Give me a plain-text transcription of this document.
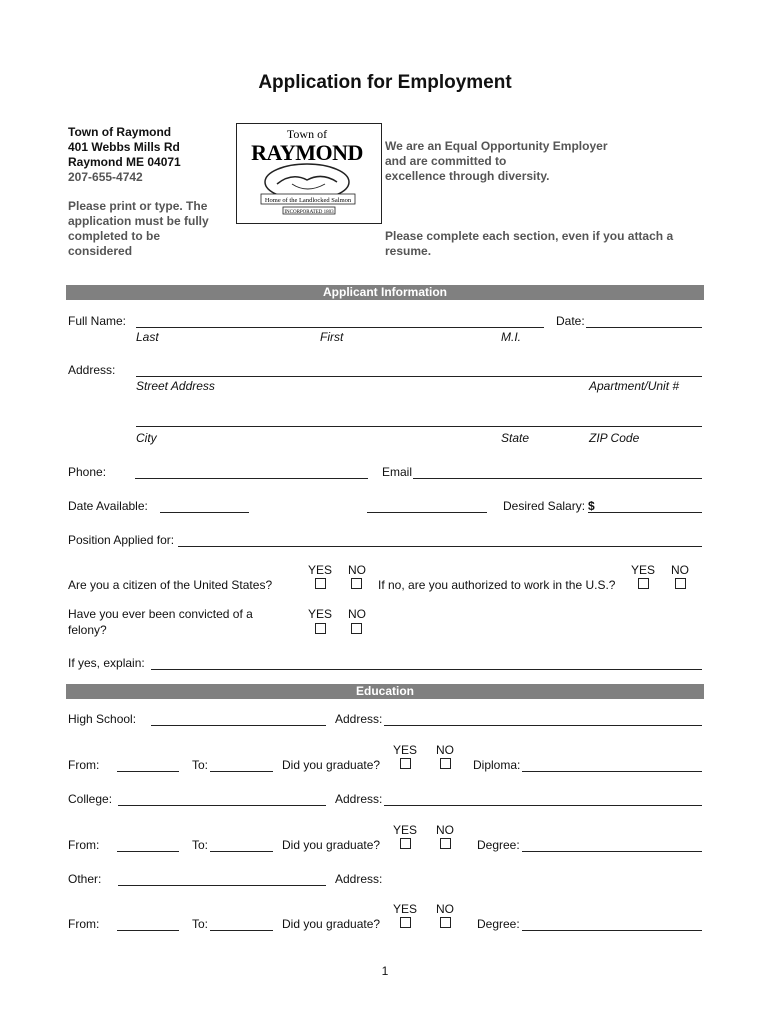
Application for Employment
Town of Raymond
401 Webbs Mills Rd
Raymond ME 04071
207-655-4742
Please print or type. The
application must be fully
completed to be
considered
Town of
RAYMOND
Home of the Landlocked Salmon
INCORPORATED 1803
We are an Equal Opportunity Employer
and are committed to
excellence through diversity.
Please complete each section, even if you attach a
resume.
Applicant Information
Full Name:
Last	First	M.I.
Date:
Address:
Street Address	Apartment/Unit #
City	State	ZIP Code
Phone:	Email
Date Available:	Desired Salary: $
Position Applied for:
YES NO
Are you a citizen of the United States?	If no, are you authorized to work in the U.S.?
YES NO
Have you ever been convicted of a
felony?
YES NO
If yes, explain:
Education
High School:	Address:
YES NO
From:	To:	Did you graduate?	Diploma:
College:	Address:
YES NO
From:	To:	Did you graduate?	Degree:
Other:	Address:
YES NO
From:	To:	Did you graduate?	Degree:
1
